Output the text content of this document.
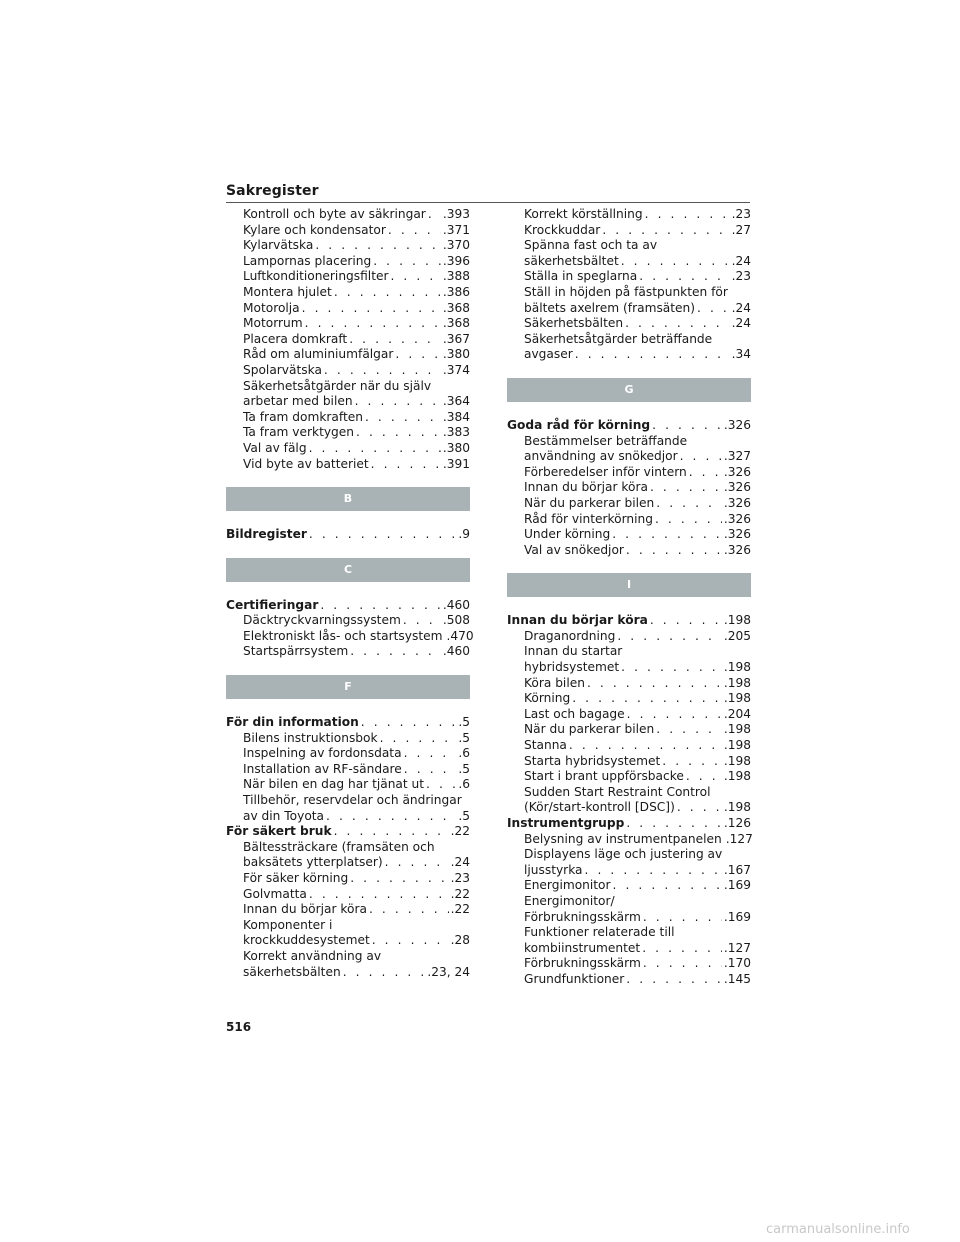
Sakregister
Kontroll och byte av säkringar . . . .393
Kylare och kondensator . . .	.371
Kylarvätska . . .	.370
Lampornas placering . . .	.396
Luftkonditioneringsfilter . . .	.388
Montera hjulet . . .	.386
Motorolja . . .	.368
Motorrum . . .	.368
Placera domkraft . . .	.367
Råd om aluminiumfälgar . . .	.380
Spolarvätska . . .	.374
Säkerhetsåtgärder när du själv
arbetar med bilen . . .	.364
Ta fram domkraften . . .	.384
Ta fram verktygen . . .	.383
Val av fälg . . .	.380
Vid byte av batteriet . . .	.391
B
Bildregister . . .	.9
C
Certifieringar . . .	.460
Däcktryckvarningssystem . . .	.508
Elektroniskt lås- och startsystem .470
Startspärrsystem . . .	.460
F
För din information . . .	.5
Bilens instruktionsbok . . .	.5
Inspelning av fordonsdata . . .	.6
Installation av RF-sändare . . .	.5
När bilen en dag har tjänat ut . . .	.6
Tillbehör, reservdelar och ändringar
av din Toyota . . .	.5
För säkert bruk . . .	.22
Bältessträckare (framsäten och
baksätets ytterplatser) . . .	.24
För säker körning . . .	.23
Golvmatta . . .	.22
Innan du börjar köra . . .	.22
Komponenter i
krockkuddesystemet . . .	.28
Korrekt användning av
säkerhetsbälten . . .	.23, 24
Korrekt körställning . . .	.23
Krockkuddar . . .	.27
Spänna fast och ta av
säkerhetsbältet . . .	.24
Ställa in speglarna . . .	.23
Ställ in höjden på fästpunkten för
bältets axelrem (framsäten) . . .	.24
Säkerhetsbälten . . .	.24
Säkerhetsåtgärder beträffande
avgaser . . .	.34
G
Goda råd för körning . . .	.326
Bestämmelser beträffande
användning av snökedjor . . .	.327
Förberedelser inför vintern . . .	.326
Innan du börjar köra . . .	.326
När du parkerar bilen . . .	.326
Råd för vinterkörning . . .	.326
Under körning . . .	.326
Val av snökedjor . . .	.326
I
Innan du börjar köra . . .	.198
Draganordning . . .	.205
Innan du startar
hybridsystemet . . .	.198
Köra bilen . . .	.198
Körning . . .	.198
Last och bagage . . .	.204
När du parkerar bilen . . .	.198
Stanna . . .	.198
Starta hybridsystemet . . .	.198
Start i brant uppförsbacke . . .	.198
Sudden Start Restraint Control
(Kör/start-kontroll [DSC]) . . .	.198
Instrumentgrupp . . .	.126
Belysning av instrumentpanelen .127
Displayens läge och justering av
ljusstyrka . . .	.167
Energimonitor . . .	.169
Energimonitor/
Förbrukningsskärm . . .	.169
Funktioner relaterade till
kombiinstrumentet . . .	.127
Förbrukningsskärm . . .	.170
Grundfunktioner . . .	.145
516
carmanualsonline.info
